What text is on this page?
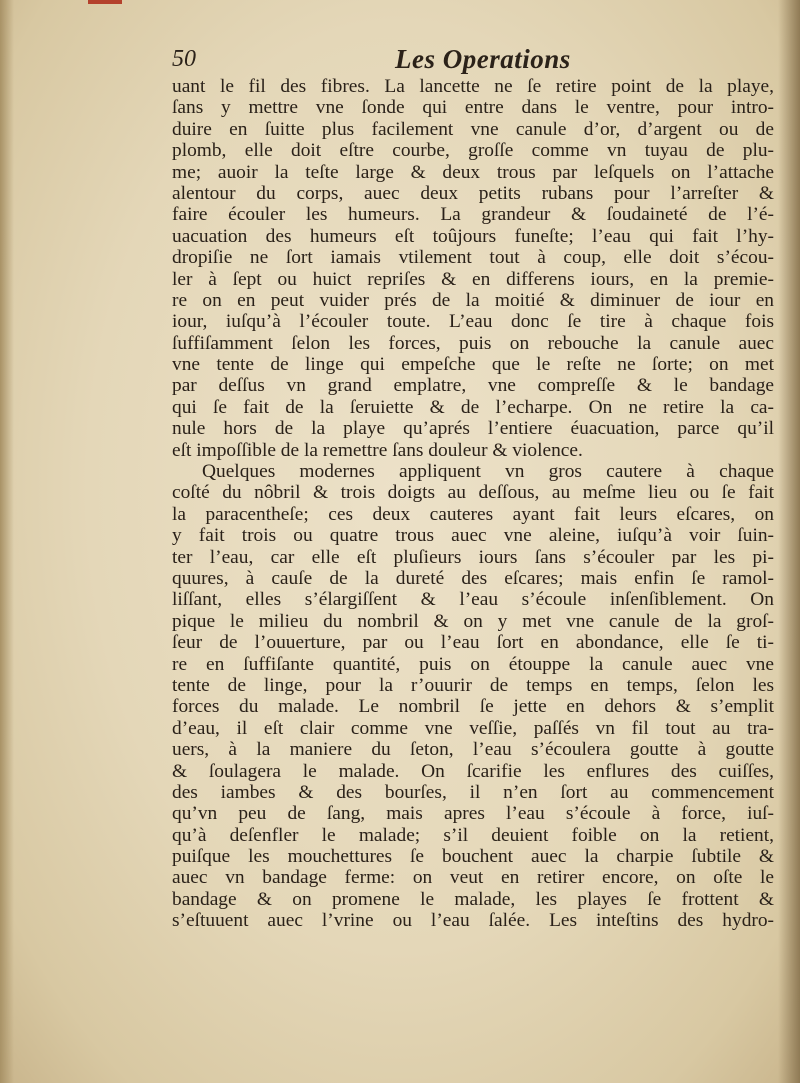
50	Les Operations
uant le fil des fibres. La lancette ne ſe retire point de la playe,
ſans y mettre vne ſonde qui entre dans le ventre, pour intro-
duire en ſuitte plus facilement vne canule d’or, d’argent ou de
plomb, elle doit eſtre courbe, groſſe comme vn tuyau de plu-
me; auoir la teſte large & deux trous par leſquels on l’attache
alentour du corps, auec deux petits rubans pour l’arreſter &
faire écouler les humeurs. La grandeur & ſoudaineté de l’é-
uacuation des humeurs eſt toûjours funeſte; l’eau qui fait l’hy-
dropiſie ne ſort iamais vtilement tout à coup, elle doit s’écou-
ler à ſept ou huict repriſes & en differens iours, en la premie-
re on en peut vuider prés de la moitié & diminuer de iour en
iour, iuſqu’à l’écouler toute. L’eau donc ſe tire à chaque fois
ſuffiſamment ſelon les forces, puis on rebouche la canule auec
vne tente de linge qui empeſche que le reſte ne ſorte; on met
par deſſus vn grand emplatre, vne compreſſe & le bandage
qui ſe fait de la ſeruiette & de l’echarpe. On ne retire la ca-
nule hors de la playe qu’aprés l’entiere éuacuation, parce qu’il
eſt impoſſible de la remettre ſans douleur & violence.
Quelques modernes appliquent vn gros cautere à chaque
coſté du nôbril & trois doigts au deſſous, au meſme lieu ou ſe fait
la paracentheſe; ces deux cauteres ayant fait leurs eſcares, on
y fait trois ou quatre trous auec vne aleine, iuſqu’à voir ſuin-
ter l’eau, car elle eſt pluſieurs iours ſans s’écouler par les pi-
quures, à cauſe de la dureté des eſcares; mais enfin ſe ramol-
liſſant, elles s’élargiſſent & l’eau s’écoule inſenſiblement. On
pique le milieu du nombril & on y met vne canule de la groſ-
ſeur de l’ouuerture, par ou l’eau ſort en abondance, elle ſe ti-
re en ſuffiſante quantité, puis on étouppe la canule auec vne
tente de linge, pour la r’ouurir de temps en temps, ſelon les
forces du malade. Le nombril ſe jette en dehors & s’emplit
d’eau, il eſt clair comme vne veſſie, paſſés vn fil tout au tra-
uers, à la maniere du ſeton, l’eau s’écoulera goutte à goutte
& ſoulagera le malade. On ſcarifie les enflures des cuiſſes,
des iambes & des bourſes, il n’en ſort au commencement
qu’vn peu de ſang, mais apres l’eau s’écoule à force, iuſ-
qu’à deſenfler le malade; s’il deuient foible on la retient,
puiſque les mouchettures ſe bouchent auec la charpie ſubtile &
auec vn bandage ferme: on veut en retirer encore, on oſte le
bandage & on promene le malade, les playes ſe frottent &
s’eſtuuent auec l’vrine ou l’eau ſalée. Les inteſtins des hydro-
